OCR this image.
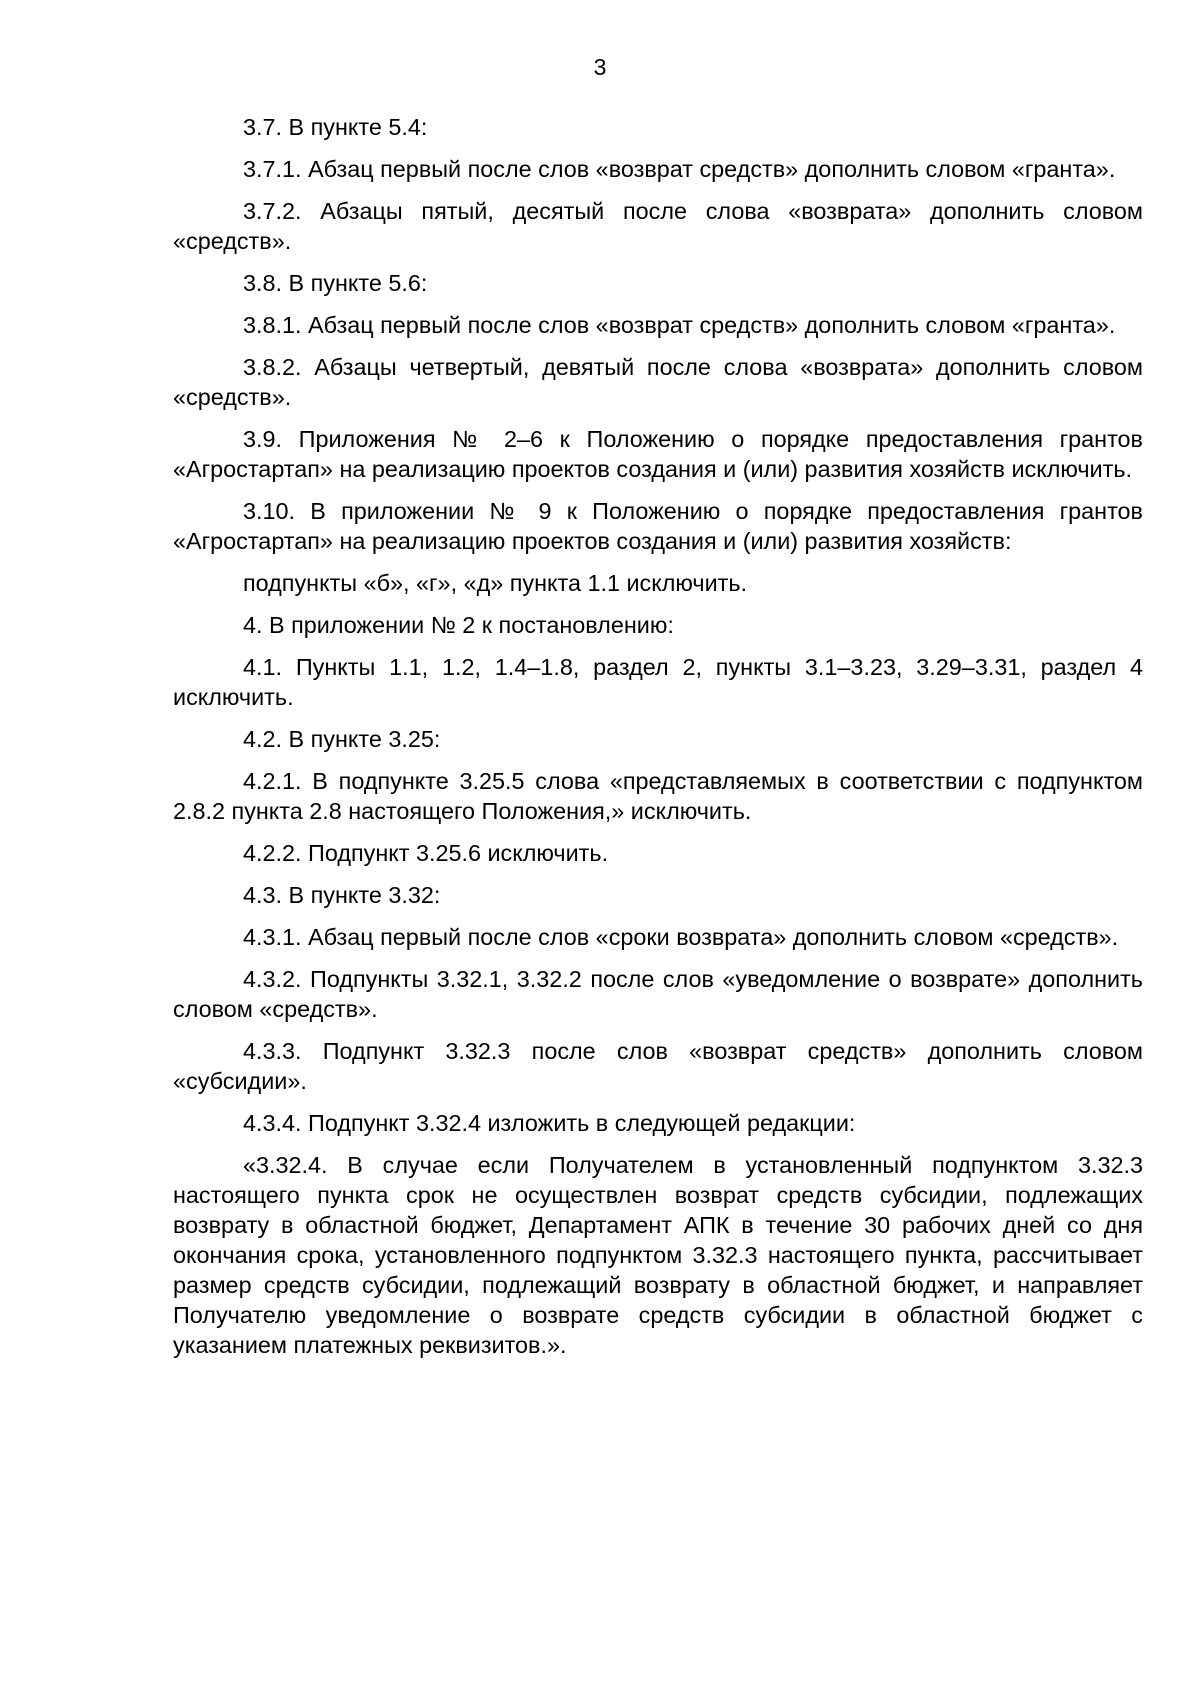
3

3.7. В пункте 5.4:

3.7.1. Абзац первый после слов «возврат средств» дополнить словом «гранта».

3.7.2. Абзацы пятый, десятый после слова «возврата» дополнить словом «средств».

3.8. В пункте 5.6:

3.8.1. Абзац первый после слов «возврат средств» дополнить словом «гранта».

3.8.2. Абзацы четвертый, девятый после слова «возврата» дополнить словом «средств».

3.9. Приложения № 2–6 к Положению о порядке предоставления грантов «Агростартап» на реализацию проектов создания и (или) развития хозяйств исключить.

3.10. В приложении № 9 к Положению о порядке предоставления грантов «Агростартап» на реализацию проектов создания и (или) развития хозяйств:

подпункты «б», «г», «д» пункта 1.1 исключить.

4. В приложении № 2 к постановлению:

4.1. Пункты 1.1, 1.2, 1.4–1.8, раздел 2, пункты 3.1–3.23, 3.29–3.31, раздел 4 исключить.

4.2. В пункте 3.25:

4.2.1. В подпункте 3.25.5 слова «представляемых в соответствии с подпунктом 2.8.2 пункта 2.8 настоящего Положения,» исключить.

4.2.2. Подпункт 3.25.6 исключить.

4.3. В пункте 3.32:

4.3.1. Абзац первый после слов «сроки возврата» дополнить словом «средств».

4.3.2. Подпункты 3.32.1, 3.32.2 после слов «уведомление о возврате» дополнить словом «средств».

4.3.3. Подпункт 3.32.3 после слов «возврат средств» дополнить словом «субсидии».

4.3.4. Подпункт 3.32.4 изложить в следующей редакции:

«3.32.4. В случае если Получателем в установленный подпунктом 3.32.3 настоящего пункта срок не осуществлен возврат средств субсидии, подлежащих возврату в областной бюджет, Департамент АПК в течение 30 рабочих дней со дня окончания срока, установленного подпунктом 3.32.3 настоящего пункта, рассчитывает размер средств субсидии, подлежащий возврату в областной бюджет, и направляет Получателю уведомление о возврате средств субсидии в областной бюджет с указанием платежных реквизитов.».
